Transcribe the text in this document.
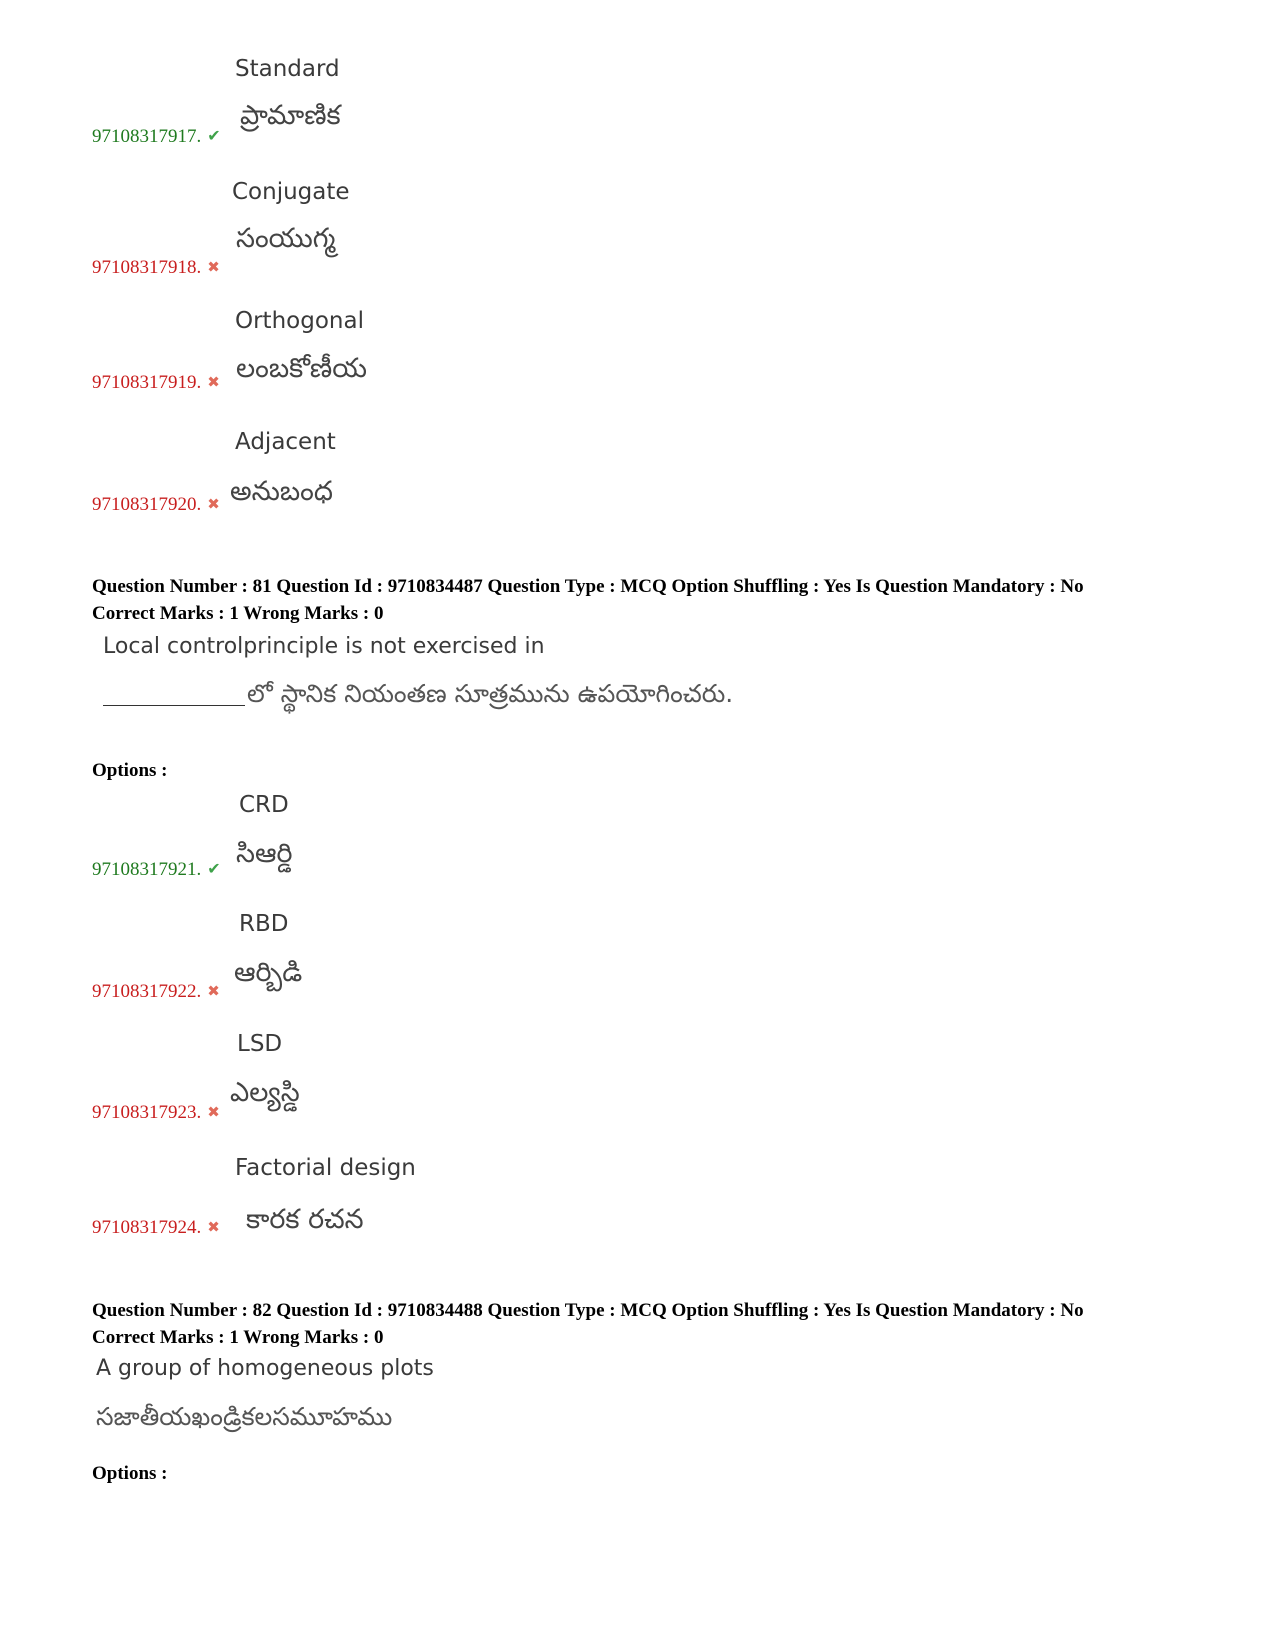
Standard
ప్రామాణిక
97108317917. ✔
Conjugate
సంయుగ్మ
97108317918. ✖
Orthogonal
లంబకోణీయ
97108317919. ✖
Adjacent
అనుబంధ
97108317920. ✖
Question Number : 81 Question Id : 9710834487 Question Type : MCQ Option Shuffling : Yes Is Question Mandatory : No
Correct Marks : 1 Wrong Marks : 0
Local controlprinciple is not exercised in
లో స్థానిక నియంతణ సూత్రమును ఉపయోగించరు.
Options :
CRD
సిఆర్డి
97108317921. ✔
RBD
ఆర్బిడి
97108317922. ✖
LSD
ఎల్యస్డి
97108317923. ✖
Factorial design
కారక రచన
97108317924. ✖
Question Number : 82 Question Id : 9710834488 Question Type : MCQ Option Shuffling : Yes Is Question Mandatory : No
Correct Marks : 1 Wrong Marks : 0
A group of homogeneous plots
సజాతీయఖండ్రికలసమూహము
Options :
